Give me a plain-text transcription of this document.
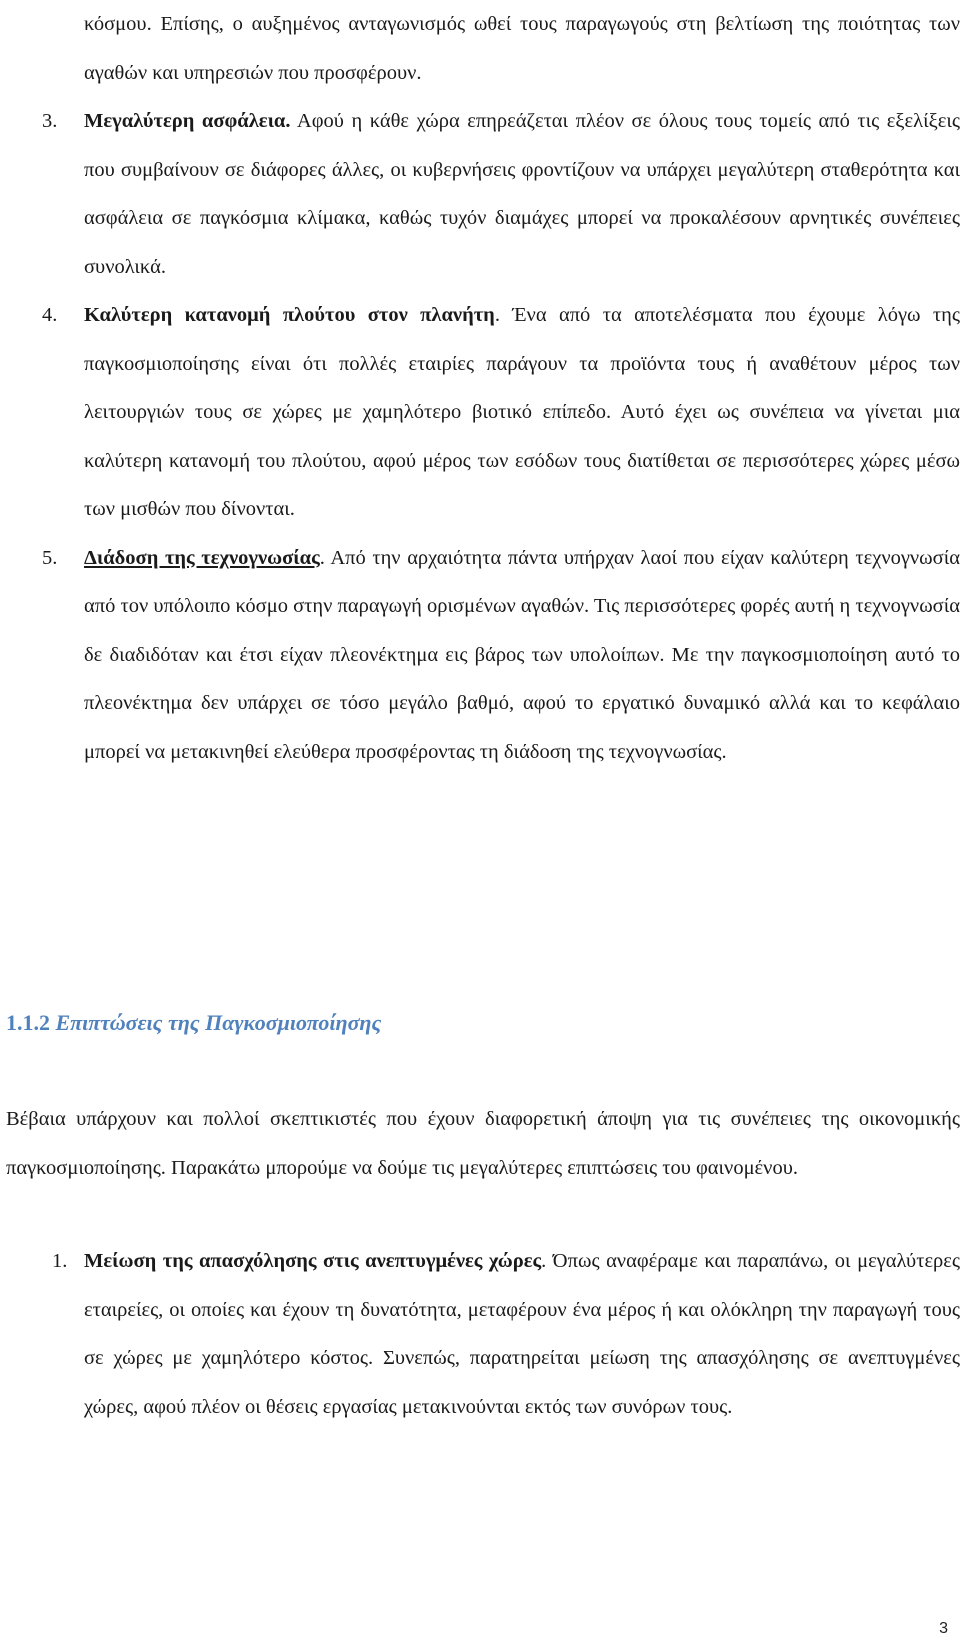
κόσμου. Επίσης, ο αυξημένος ανταγωνισμός ωθεί τους παραγωγούς στη βελτίωση της ποιότητας των αγαθών και υπηρεσιών που προσφέρουν.
3. Μεγαλύτερη ασφάλεια. Αφού η κάθε χώρα επηρεάζεται πλέον σε όλους τους τομείς από τις εξελίξεις που συμβαίνουν σε διάφορες άλλες, οι κυβερνήσεις φροντίζουν να υπάρχει μεγαλύτερη σταθερότητα και ασφάλεια σε παγκόσμια κλίμακα, καθώς τυχόν διαμάχες μπορεί να προκαλέσουν αρνητικές συνέπειες συνολικά.
4. Καλύτερη κατανομή πλούτου στον πλανήτη. Ένα από τα αποτελέσματα που έχουμε λόγω της παγκοσμιοποίησης είναι ότι πολλές εταιρίες παράγουν τα προϊόντα τους ή αναθέτουν μέρος των λειτουργιών τους σε χώρες με χαμηλότερο βιοτικό επίπεδο. Αυτό έχει ως συνέπεια να γίνεται μια καλύτερη κατανομή του πλούτου, αφού μέρος των εσόδων τους διατίθεται σε περισσότερες χώρες μέσω των μισθών που δίνονται.
5. Διάδοση της τεχνογνωσίας. Από την αρχαιότητα πάντα υπήρχαν λαοί που είχαν καλύτερη τεχνογνωσία από τον υπόλοιπο κόσμο στην παραγωγή ορισμένων αγαθών. Τις περισσότερες φορές αυτή η τεχνογνωσία δε διαδιδόταν και έτσι είχαν πλεονέκτημα εις βάρος των υπολοίπων. Με την παγκοσμιοποίηση αυτό το πλεονέκτημα δεν υπάρχει σε τόσο μεγάλο βαθμό, αφού το εργατικό δυναμικό αλλά και το κεφάλαιο μπορεί να μετακινηθεί ελεύθερα προσφέροντας τη διάδοση της τεχνογνωσίας.
1.1.2 Επιπτώσεις της Παγκοσμιοποίησης

Βέβαια υπάρχουν και πολλοί σκεπτικιστές που έχουν διαφορετική άποψη για τις συνέπειες της οικονομικής παγκοσμιοποίησης. Παρακάτω μπορούμε να δούμε τις μεγαλύτερες επιπτώσεις του φαινομένου.

1. Μείωση της απασχόλησης στις ανεπτυγμένες χώρες. Όπως αναφέραμε και παραπάνω, οι μεγαλύτερες εταιρείες, οι οποίες και έχουν τη δυνατότητα, μεταφέρουν ένα μέρος ή και ολόκληρη την παραγωγή τους σε χώρες με χαμηλότερο κόστος. Συνεπώς, παρατηρείται μείωση της απασχόλησης σε ανεπτυγμένες χώρες, αφού πλέον οι θέσεις εργασίας μετακινούνται εκτός των συνόρων τους.
3
